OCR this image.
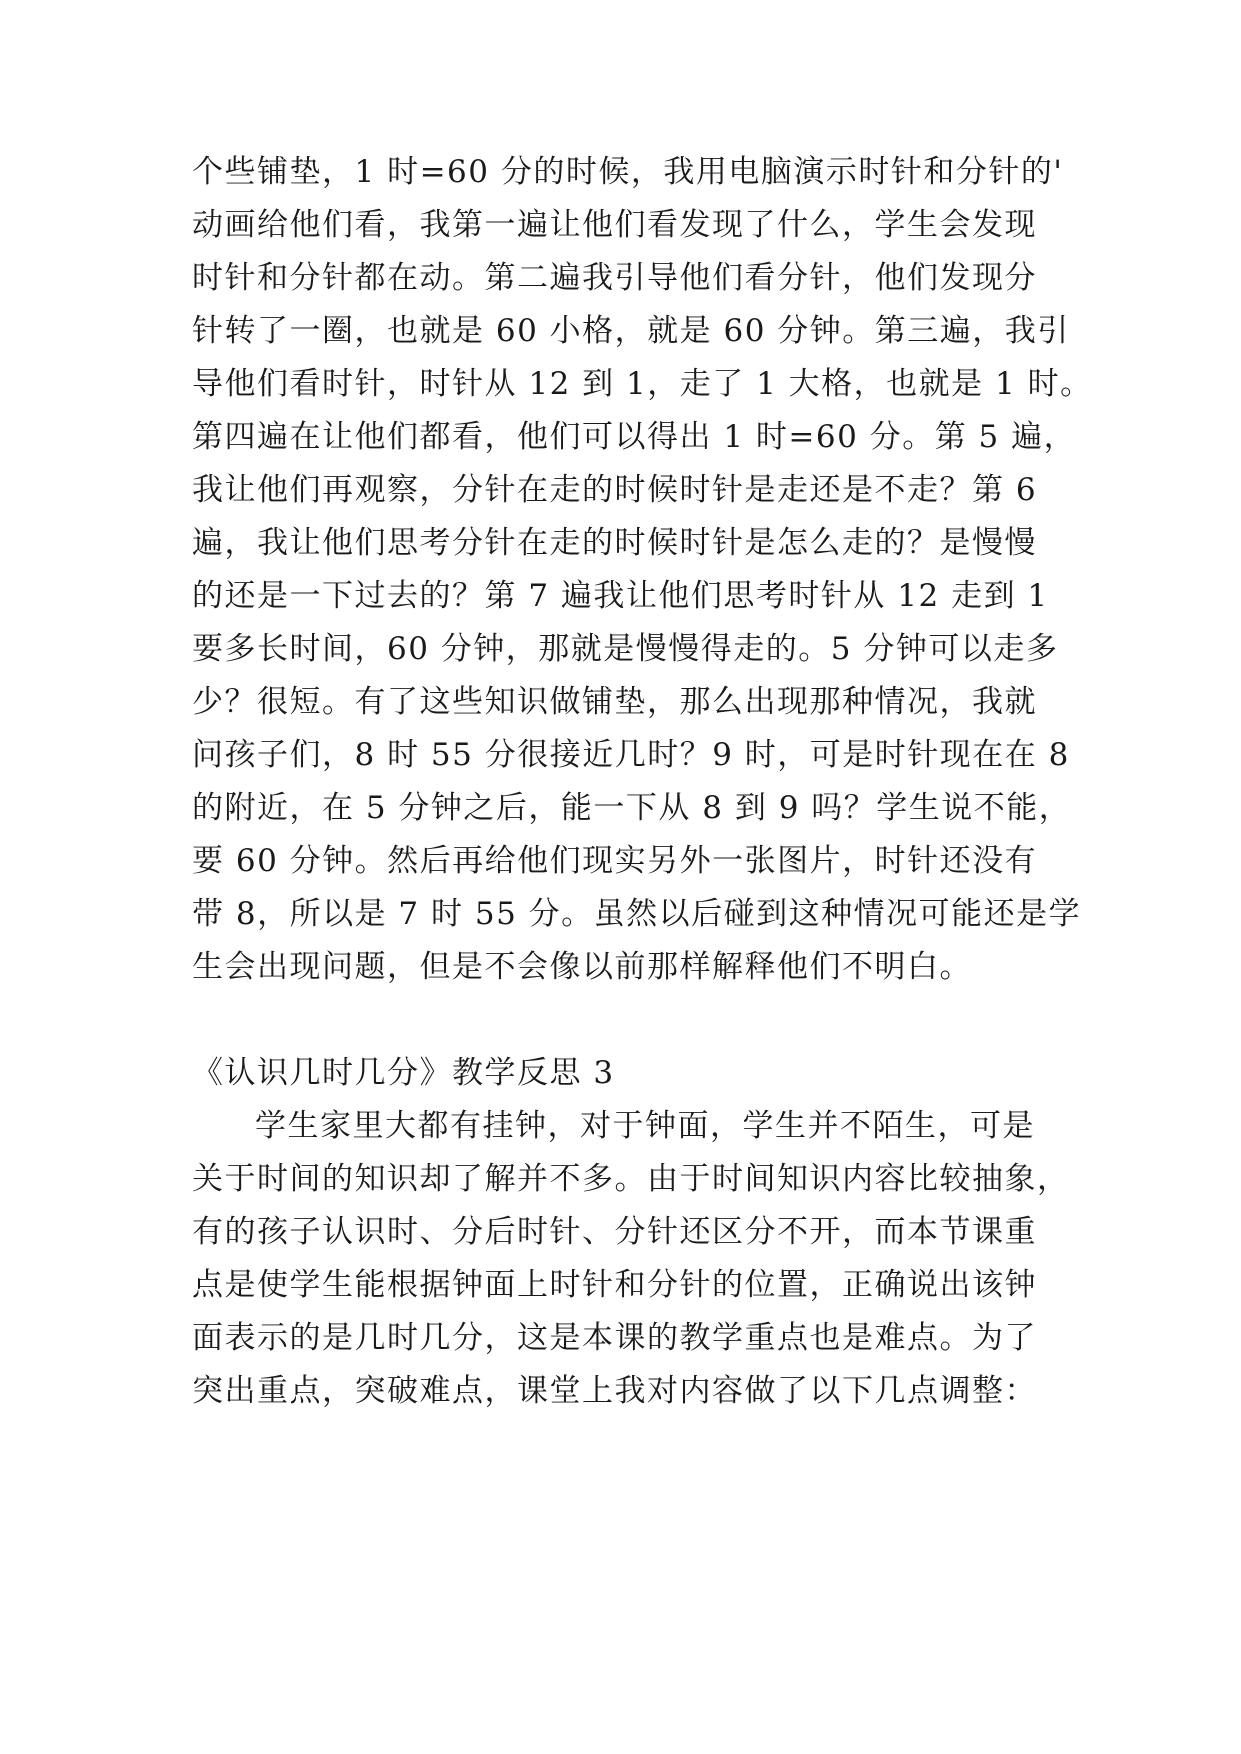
个些铺垫，1 时=60 分的时候，我用电脑演示时针和分针的'
动画给他们看，我第一遍让他们看发现了什么，学生会发现
时针和分针都在动。第二遍我引导他们看分针，他们发现分
针转了一圈，也就是 60 小格，就是 60 分钟。第三遍，我引
导他们看时针，时针从 12 到 1，走了 1 大格，也就是 1 时。
第四遍在让他们都看，他们可以得出 1 时=60 分。第 5 遍，
我让他们再观察，分针在走的时候时针是走还是不走？第 6
遍，我让他们思考分针在走的时候时针是怎么走的？是慢慢
的还是一下过去的？第 7 遍我让他们思考时针从 12 走到 1
要多长时间，60 分钟，那就是慢慢得走的。5 分钟可以走多
少？很短。有了这些知识做铺垫，那么出现那种情况，我就
问孩子们，8 时 55 分很接近几时？9 时，可是时针现在在 8
的附近，在 5 分钟之后，能一下从 8 到 9 吗？学生说不能，
要 60 分钟。然后再给他们现实另外一张图片，时针还没有
带 8，所以是 7 时 55 分。虽然以后碰到这种情况可能还是学
生会出现问题，但是不会像以前那样解释他们不明白。
《认识几时几分》教学反思 3
学生家里大都有挂钟，对于钟面，学生并不陌生，可是
关于时间的知识却了解并不多。由于时间知识内容比较抽象，
有的孩子认识时、分后时针、分针还区分不开，而本节课重
点是使学生能根据钟面上时针和分针的位置，正确说出该钟
面表示的是几时几分，这是本课的教学重点也是难点。为了
突出重点，突破难点，课堂上我对内容做了以下几点调整：
